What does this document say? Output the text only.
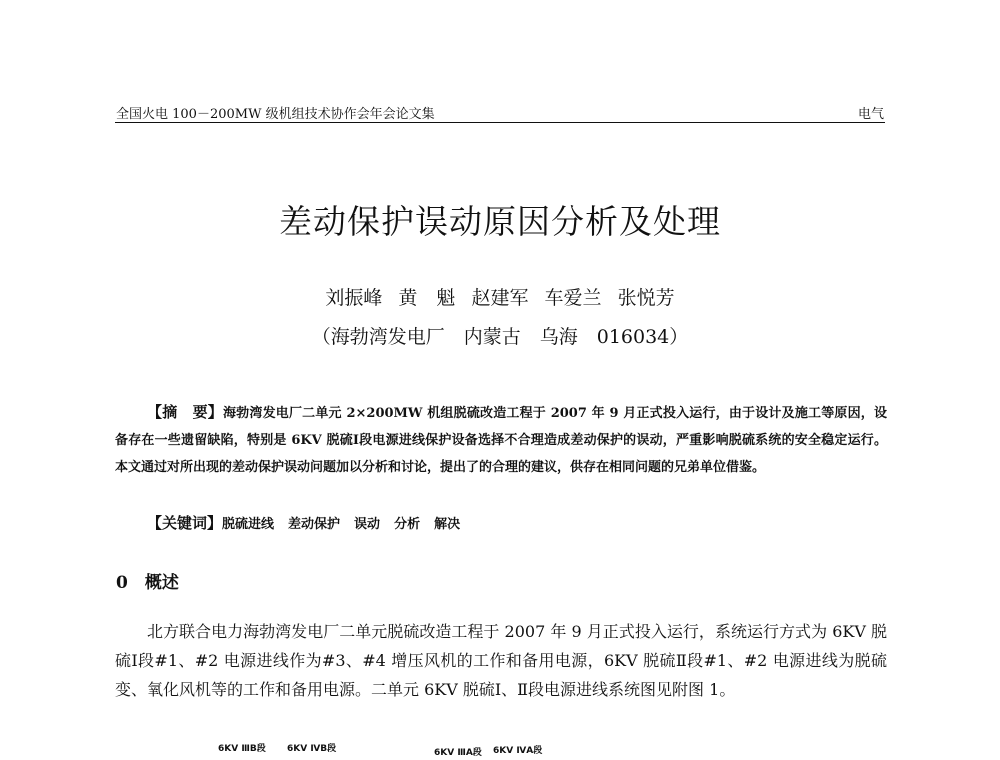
全国火电 100－200MW 级机组技术协作会年会论文集	电气
差动保护误动原因分析及处理
刘振峰 黄　魁 赵建军 车爱兰 张悦芳
（海勃湾发电厂　内蒙古　乌海　016034）
【摘　要】海勃湾发电厂二单元 2×200MW 机组脱硫改造工程于 2007 年 9 月正式投入运行，由于设计及施工等原因，设备存在一些遗留缺陷，特别是 6KV 脱硫Ⅰ段电源进线保护设备选择不合理造成差动保护的误动，严重影响脱硫系统的安全稳定运行。本文通过对所出现的差动保护误动问题加以分析和讨论，提出了的合理的建议，供存在相同问题的兄弟单位借鉴。
【关键词】脱硫进线 差动保护 误动 分析 解决
0　概述
北方联合电力海勃湾发电厂二单元脱硫改造工程于 2007 年 9 月正式投入运行，系统运行方式为 6KV 脱硫Ⅰ段#1、#2 电源进线作为#3、#4 增压风机的工作和备用电源，6KV 脱硫Ⅱ段#1、#2 电源进线为脱硫变、氧化风机等的工作和备用电源。二单元 6KV 脱硫Ⅰ、Ⅱ段电源进线系统图见附图 1。
6KV ⅢB段 6KV ⅣB段	6KV ⅢA段 6KV ⅣA段
